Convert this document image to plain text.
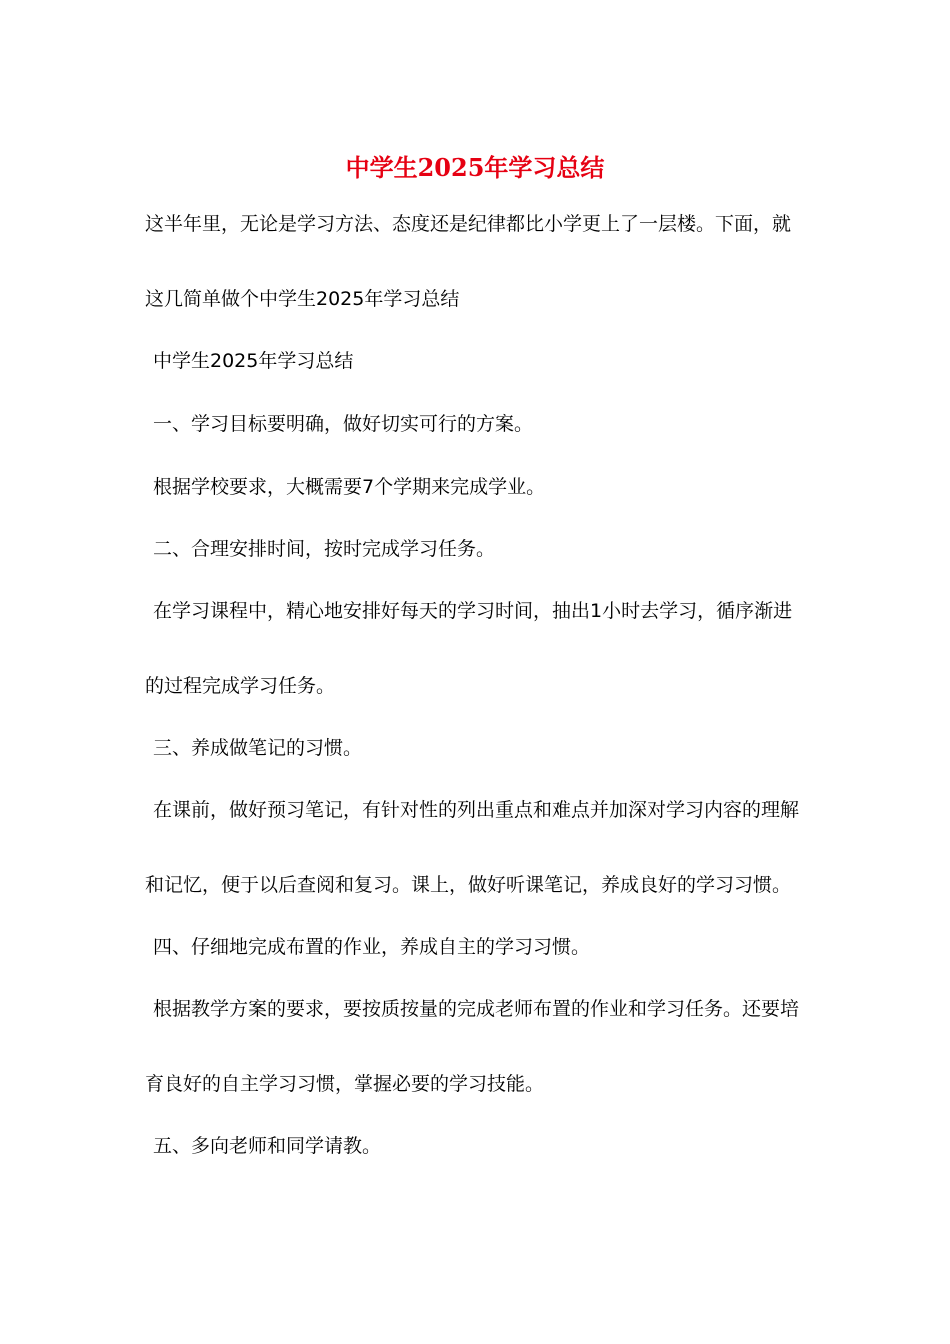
中学生2025年学习总结
这半年里，无论是学习方法、态度还是纪律都比小学更上了一层楼。下面，就
这几简单做个中学生2025年学习总结
中学生2025年学习总结
一、学习目标要明确，做好切实可行的方案。
根据学校要求，大概需要7个学期来完成学业。
二、合理安排时间，按时完成学习任务。
在学习课程中，精心地安排好每天的学习时间，抽出1小时去学习，循序渐进
的过程完成学习任务。
三、养成做笔记的习惯。
在课前，做好预习笔记，有针对性的列出重点和难点并加深对学习内容的理解
和记忆，便于以后查阅和复习。课上，做好听课笔记，养成良好的学习习惯。
四、仔细地完成布置的作业，养成自主的学习习惯。
根据教学方案的要求，要按质按量的完成老师布置的作业和学习任务。还要培
育良好的自主学习习惯，掌握必要的学习技能。
五、多向老师和同学请教。
